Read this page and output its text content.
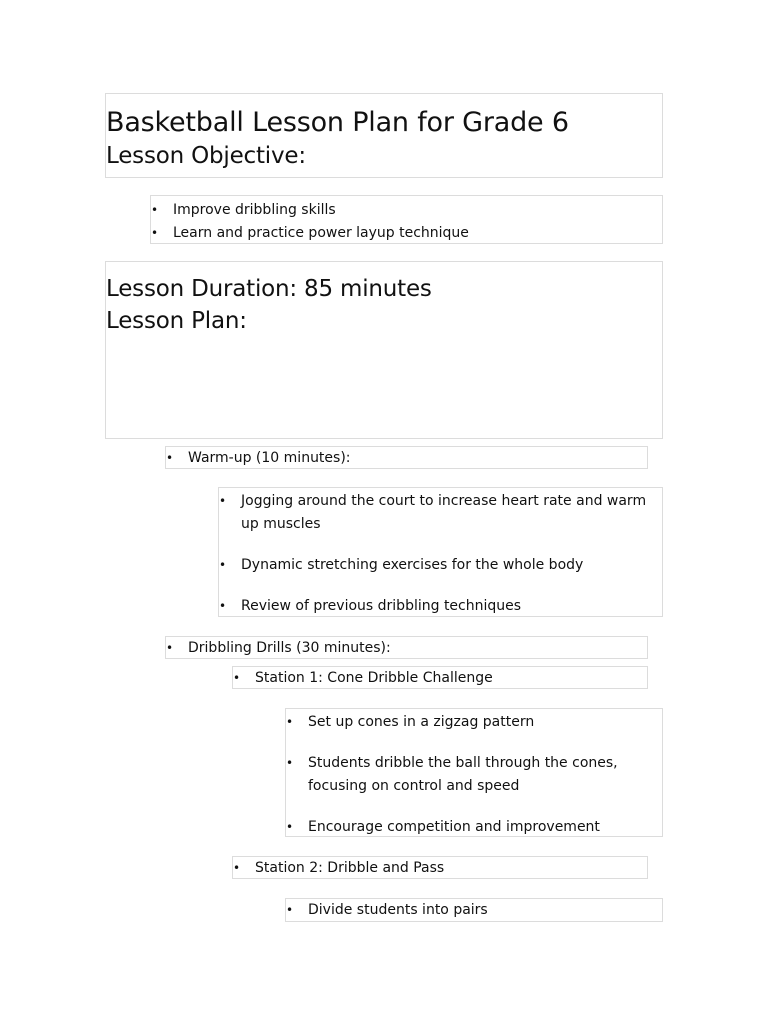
Basketball Lesson Plan for Grade 6
Lesson Objective:
• Improve dribbling skills
• Learn and practice power layup technique
Lesson Duration: 85 minutes
Lesson Plan:
• Warm-up (10 minutes):
• Jogging around the court to increase heart rate and warm up muscles
• Dynamic stretching exercises for the whole body
• Review of previous dribbling techniques
• Dribbling Drills (30 minutes):
• Station 1: Cone Dribble Challenge
• Set up cones in a zigzag pattern
• Students dribble the ball through the cones, focusing on control and speed
• Encourage competition and improvement
• Station 2: Dribble and Pass
• Divide students into pairs
